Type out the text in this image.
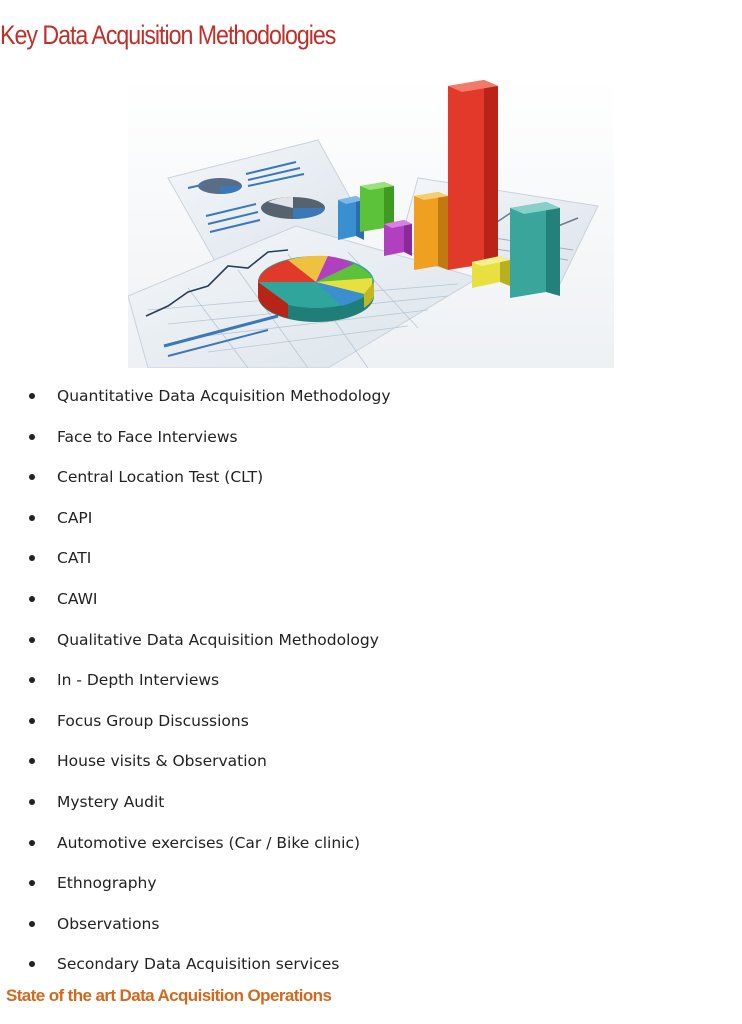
Key Data Acquisition Methodologies
Quantitative Data Acquisition Methodology
Face to Face Interviews
Central Location Test (CLT)
CAPI
CATI
CAWI
Qualitative Data Acquisition Methodology
In - Depth Interviews
Focus Group Discussions
House visits & Observation
Mystery Audit
Automotive exercises (Car / Bike clinic)
Ethnography
Observations
Secondary Data Acquisition services
State of the art Data Acquisition Operations
